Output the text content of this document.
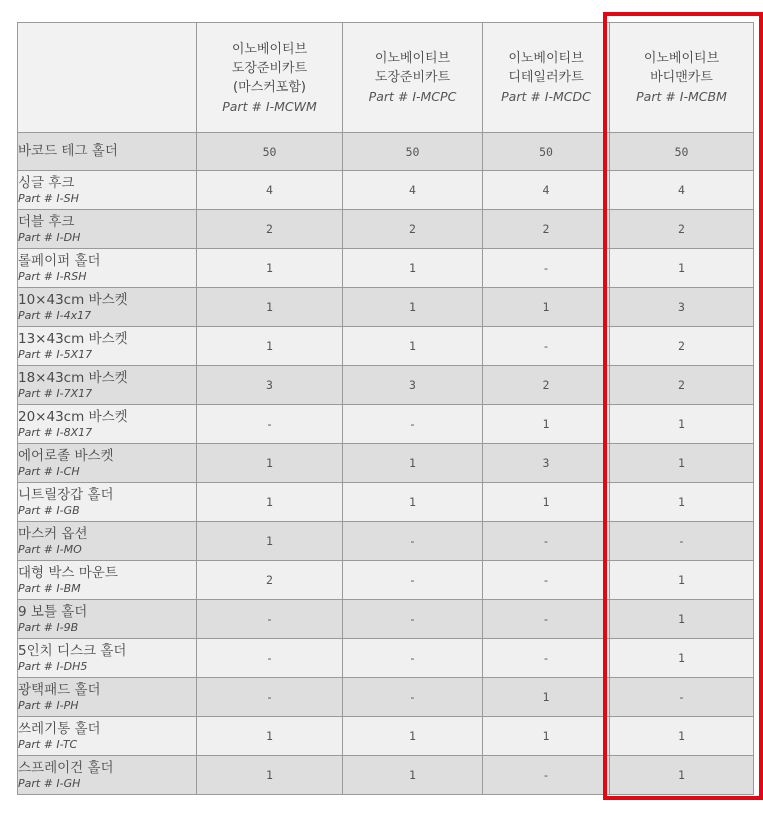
	이노베이티브
도장준비카트
(마스커포함)
Part # I-MCWM	이노베이티브
도장준비카트
Part # I-MCPC	이노베이티브
디테일러카트
Part # I-MCDC	이노베이티브
바디맨카트
Part # I-MCBM

바코드 테그 홀더	50	50	50	50

싱글 후크
Part # I-SH	4	4	4	4

더블 후크
Part # I-DH	2	2	2	2

롤페이퍼 홀더
Part # I-RSH	1	1	-	1

10×43cm 바스켓
Part # I-4x17	1	1	1	3

13×43cm 바스켓
Part # I-5X17	1	1	-	2

18×43cm 바스켓
Part # I-7X17	3	3	2	2

20×43cm 바스켓
Part # I-8X17	-	-	1	1

에어로졸 바스켓
Part # I-CH	1	1	3	1

니트릴장갑 홀더
Part # I-GB	1	1	1	1

마스커 옵션
Part # I-MO	1	-	-	-

대형 박스 마운트
Part # I-BM	2	-	-	1

9 보틀 홀더
Part # I-9B	-	-	-	1

5인치 디스크 홀더
Part # I-DH5	-	-	-	1

광택패드 홀더
Part # I-PH	-	-	1	-

쓰레기통 홀더
Part # I-TC	1	1	1	1

스프레이건 홀더
Part # I-GH	1	1	-	1
